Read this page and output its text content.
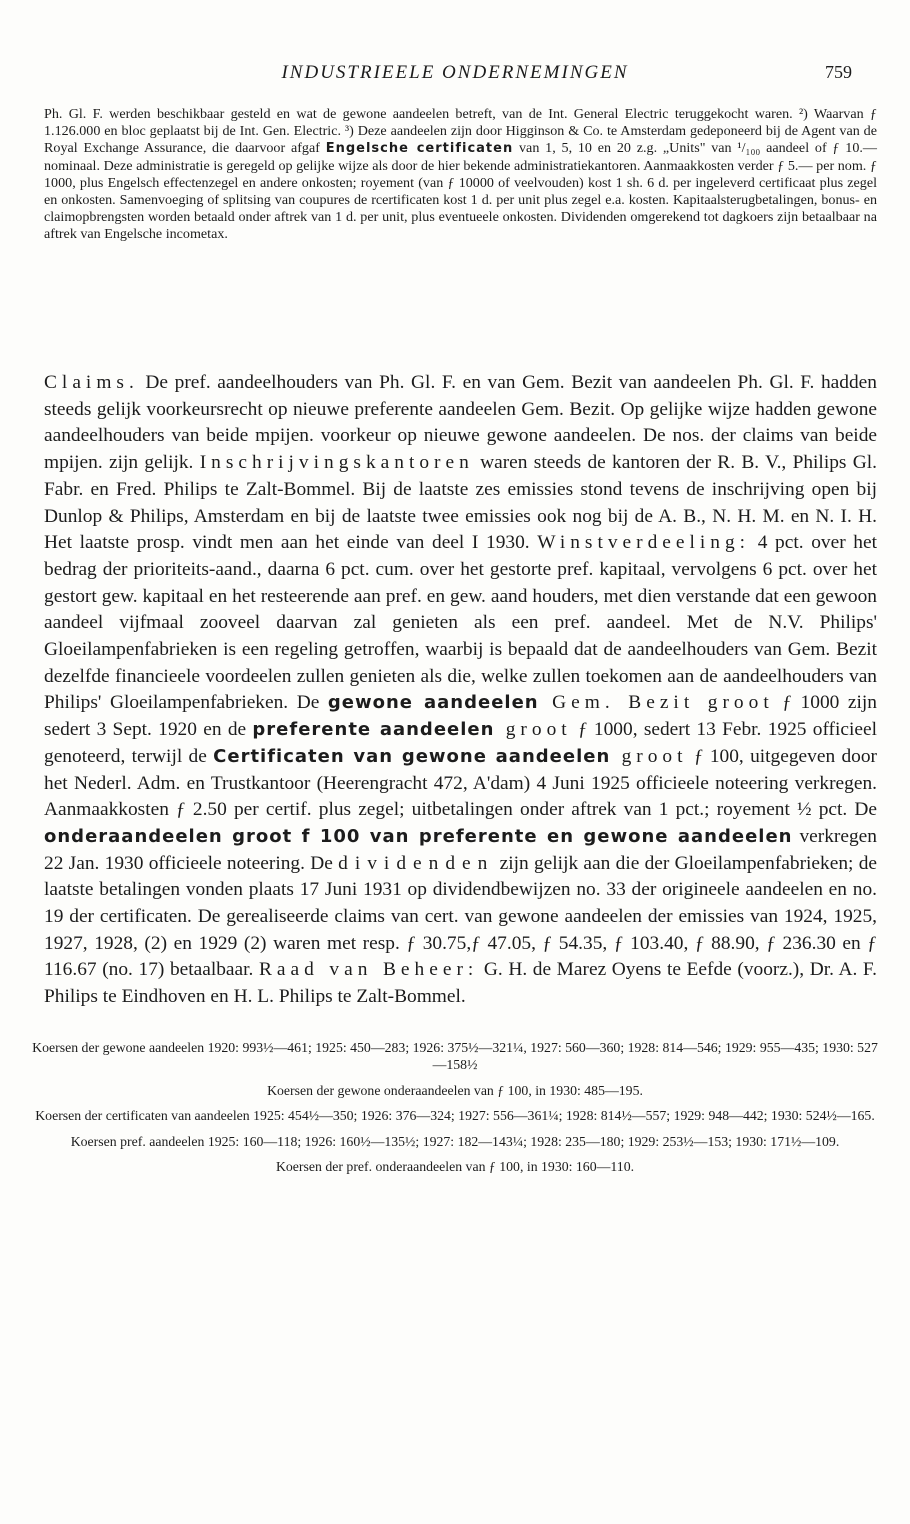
INDUSTRIEELE ONDERNEMINGEN	759
Ph. Gl. F. werden beschikbaar gesteld en wat de gewone aandeelen betreft, van de Int. General Electric teruggekocht waren. ²) Waarvan ƒ 1.126.000 en bloc geplaatst bij de Int. Gen. Electric. ³) Deze aandeelen zijn door Higginson & Co. te Amsterdam gedeponeerd bij de Agent van de Royal Exchange Assurance, die daarvoor afgaf Engelsche certificaten van 1, 5, 10 en 20 z.g. „Units" van ¹/₁₀₀ aandeel of ƒ 10.— nominaal. Deze administratie is geregeld op gelijke wijze als door de hier bekende administratiekantoren. Aanmaakkosten verder ƒ 5.— per nom. ƒ 1000, plus Engelsch effectenzegel en andere onkosten; royement (van ƒ 10000 of veelvouden) kost 1 sh. 6 d. per ingeleverd certificaat plus zegel en onkosten. Samenvoeging of splitsing van coupures de rcertificaten kost 1 d. per unit plus zegel e.a. kosten. Kapitaalsterugbetalingen, bonus- en claimopbrengsten worden betaald onder aftrek van 1 d. per unit, plus eventueele onkosten. Dividenden omgerekend tot dagkoers zijn betaalbaar na aftrek van Engelsche incometax.
Claims. De pref. aandeelhouders van Ph. Gl. F. en van Gem. Bezit van aandeelen Ph. Gl. F. hadden steeds gelijk voorkeursrecht op nieuwe preferente aandeelen Gem. Bezit. Op gelijke wijze hadden gewone aandeelhouders van beide mpijen. voorkeur op nieuwe gewone aandeelen. De nos. der claims van beide mpijen. zijn gelijk. Inschrijvingskantoren waren steeds de kantoren der R. B. V., Philips Gl. Fabr. en Fred. Philips te Zalt-Bommel. Bij de laatste zes emissies stond tevens de inschrijving open bij Dunlop & Philips, Amsterdam en bij de laatste twee emissies ook nog bij de A. B., N. H. M. en N. I. H. Het laatste prosp. vindt men aan het einde van deel I 1930. Winstverdeeling: 4 pct. over het bedrag der prioriteits-aand., daarna 6 pct. cum. over het gestorte pref. kapitaal, vervolgens 6 pct. over het gestort gew. kapitaal en het resteerende aan pref. en gew. aand houders, met dien verstande dat een gewoon aandeel vijfmaal zooveel daarvan zal genieten als een pref. aandeel. Met de N.V. Philips' Gloeilampenfabrieken is een regeling getroffen, waarbij is bepaald dat de aandeelhouders van Gem. Bezit dezelfde financieele voordeelen zullen genieten als die, welke zullen toekomen aan de aandeelhouders van Philips' Gloeilampenfabrieken. De gewone aandeelen Gem. Bezit groot ƒ 1000 zijn sedert 3 Sept. 1920 en de preferente aandeelen groot ƒ 1000, sedert 13 Febr. 1925 officieel genoteerd, terwijl de Certificaten van gewone aandeelen groot ƒ 100, uitgegeven door het Nederl. Adm. en Trustkantoor (Heerengracht 472, A'dam) 4 Juni 1925 officieele noteering verkregen. Aanmaakkosten ƒ 2.50 per certif. plus zegel; uitbetalingen onder aftrek van 1 pct.; royement ½ pct. De onderaandeelen groot f 100 van preferente en gewone aandeelen verkregen 22 Jan. 1930 officieele noteering. De dividenden zijn gelijk aan die der Gloeilampenfabrieken; de laatste betalingen vonden plaats 17 Juni 1931 op dividendbewijzen no. 33 der origineele aandeelen en no. 19 der certificaten. De gerealiseerde claims van cert. van gewone aandeelen der emissies van 1924, 1925, 1927, 1928, (2) en 1929 (2) waren met resp. ƒ 30.75,ƒ 47.05, ƒ 54.35, ƒ 103.40, ƒ 88.90, ƒ 236.30 en ƒ 116.67 (no. 17) betaalbaar. Raad van Beheer: G. H. de Marez Oyens te Eefde (voorz.), Dr. A. F. Philips te Eindhoven en H. L. Philips te Zalt-Bommel.
Koersen der gewone aandeelen 1920: 993½—461; 1925: 450—283; 1926: 375½—321¼, 1927: 560—360; 1928: 814—546; 1929: 955—435; 1930: 527—158½
Koersen der gewone onderaandeelen van ƒ 100, in 1930: 485—195.
Koersen der certificaten van aandeelen 1925: 454½—350; 1926: 376—324; 1927: 556—361¼; 1928: 814½—557; 1929: 948—442; 1930: 524½—165.
Koersen pref. aandeelen 1925: 160—118; 1926: 160½—135½; 1927: 182—143¼; 1928: 235—180; 1929: 253½—153; 1930: 171½—109.
Koersen der pref. onderaandeelen van ƒ 100, in 1930: 160—110.
